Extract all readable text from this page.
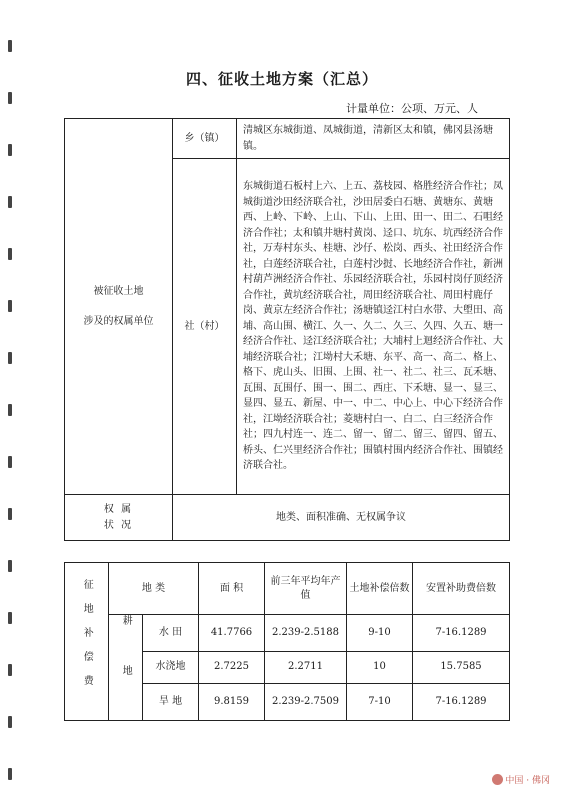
四、征收土地方案（汇总）
计量单位：公项、万元、人
被征收土地
涉及的权属单位	乡（镇）	清城区东城街道、凤城街道，清新区太和镇，佛冈县汤塘镇。
	社（村）	东城街道石板村上六、上五、荔枝园、格胜经济合作社；凤城街道沙田经济联合社，沙田居委白石塘、黄塘东、黄塘西、上岭、下岭、上山、下山、上田、田一、田二、石咀经济合作社；太和镇井塘村黄岗、迳口、坑东、坑西经济合作社，万寿村东头、桂塘、沙仔、松岗、西头、社田经济合作社，白莲经济联合社，白莲村沙挝、长地经济合作社，新洲村葫芦洲经济合作社、乐园经济联合社，乐园村岗仔顶经济合作社，黄坑经济联合社，周田经济联合社、周田村鹿仔岗、黄京左经济合作社；汤塘镇迳江村白水带、大塱田、高埔、高山围、横江、久一、久二、久三、久四、久五、塘一经济合作社、迳江经济联合社；大埔村上迴经济合作社、大埔经济联合社；江坳村大禾塘、东平、高一、高二、格上、格下、虎山头、旧围、上围、社一、社二、社三、瓦禾塘、瓦围、瓦围仔、围一、围二、西庄、下禾塘、显一、显三、显四、显五、新屋、中一、中二、中心上、中心下经济合作社，江坳经济联合社；菱塘村白一、白二、白三经济合作社；四九村连一、连二、留一、留二、留三、留四、留五、桥头、仁兴里经济合作社；围镇村围内经济合作社、围镇经济联合社。

权 属
状 况	地类、面积准确、无权属争议	
征地补偿费	地 类		面 积	前三年平均年产值	土地补偿倍数	安置补助费倍数
	耕地	水 田	41.7766	2.239-2.5188	9-10	7-16.1289
		水浇地	2.7225	2.2711	10	15.7585
		旱 地	9.8159	2.239-2.7509	7-10	7-16.1289
中国 · 佛冈
